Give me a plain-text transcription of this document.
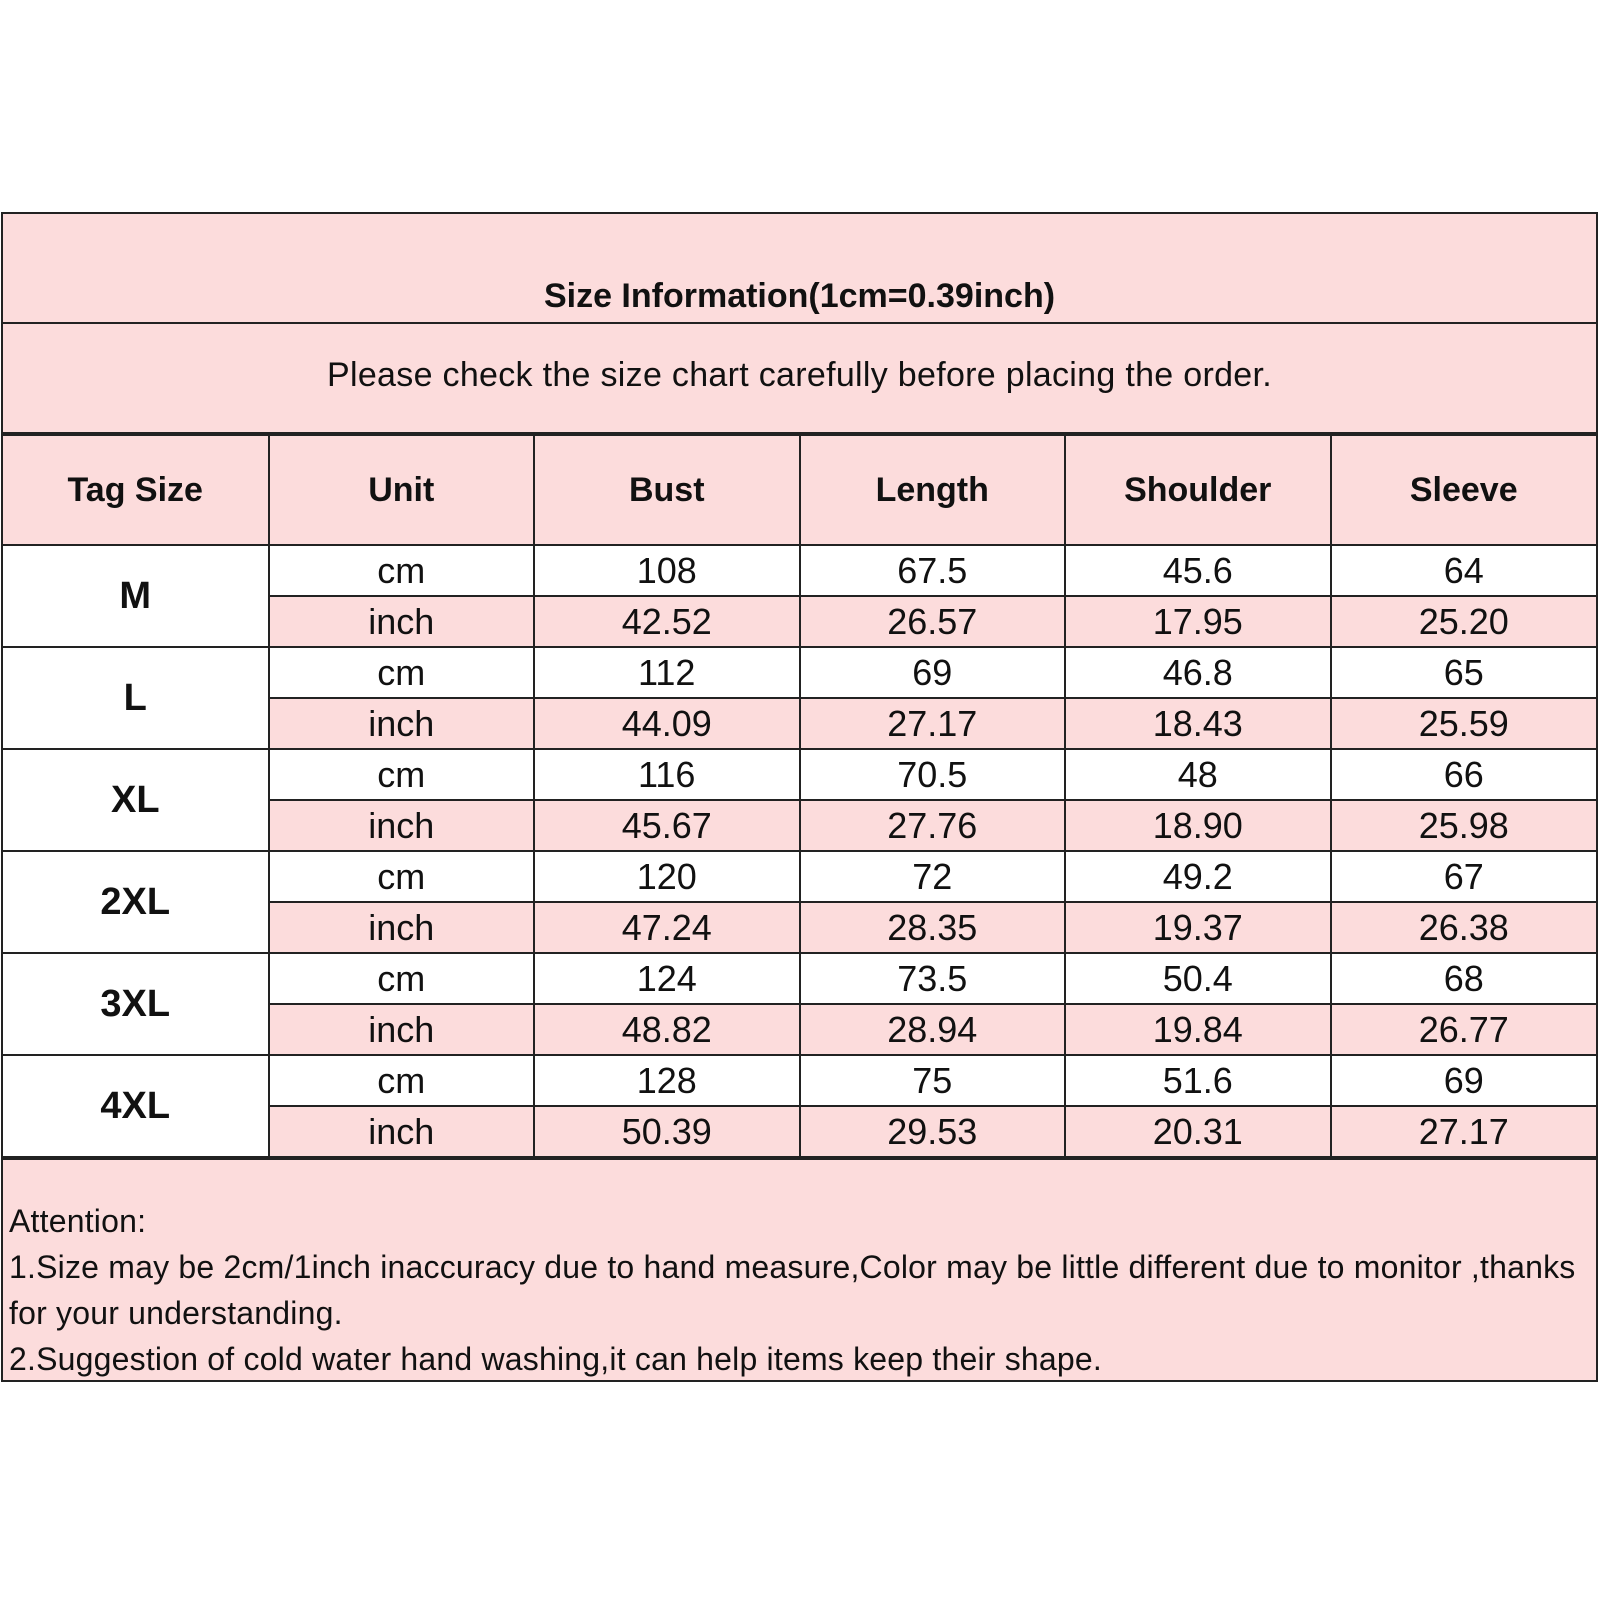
Size Information(1cm=0.39inch)
Please check the size chart carefully before placing the order.
Tag Size	Unit	Bust	Length	Shoulder	Sleeve
M	cm	108	67.5	45.6	64
	inch	42.52	26.57	17.95	25.20
L	cm	112	69	46.8	65
	inch	44.09	27.17	18.43	25.59
XL	cm	116	70.5	48	66
	inch	45.67	27.76	18.90	25.98
2XL	cm	120	72	49.2	67
	inch	47.24	28.35	19.37	26.38
3XL	cm	124	73.5	50.4	68
	inch	48.82	28.94	19.84	26.77
4XL	cm	128	75	51.6	69
	inch	50.39	29.53	20.31	27.17
Attention:
1.Size may be 2cm/1inch inaccuracy due to hand measure,Color may be little different due to monitor ,thanks for your understanding.
2.Suggestion of cold water hand washing,it can help items keep their shape.
